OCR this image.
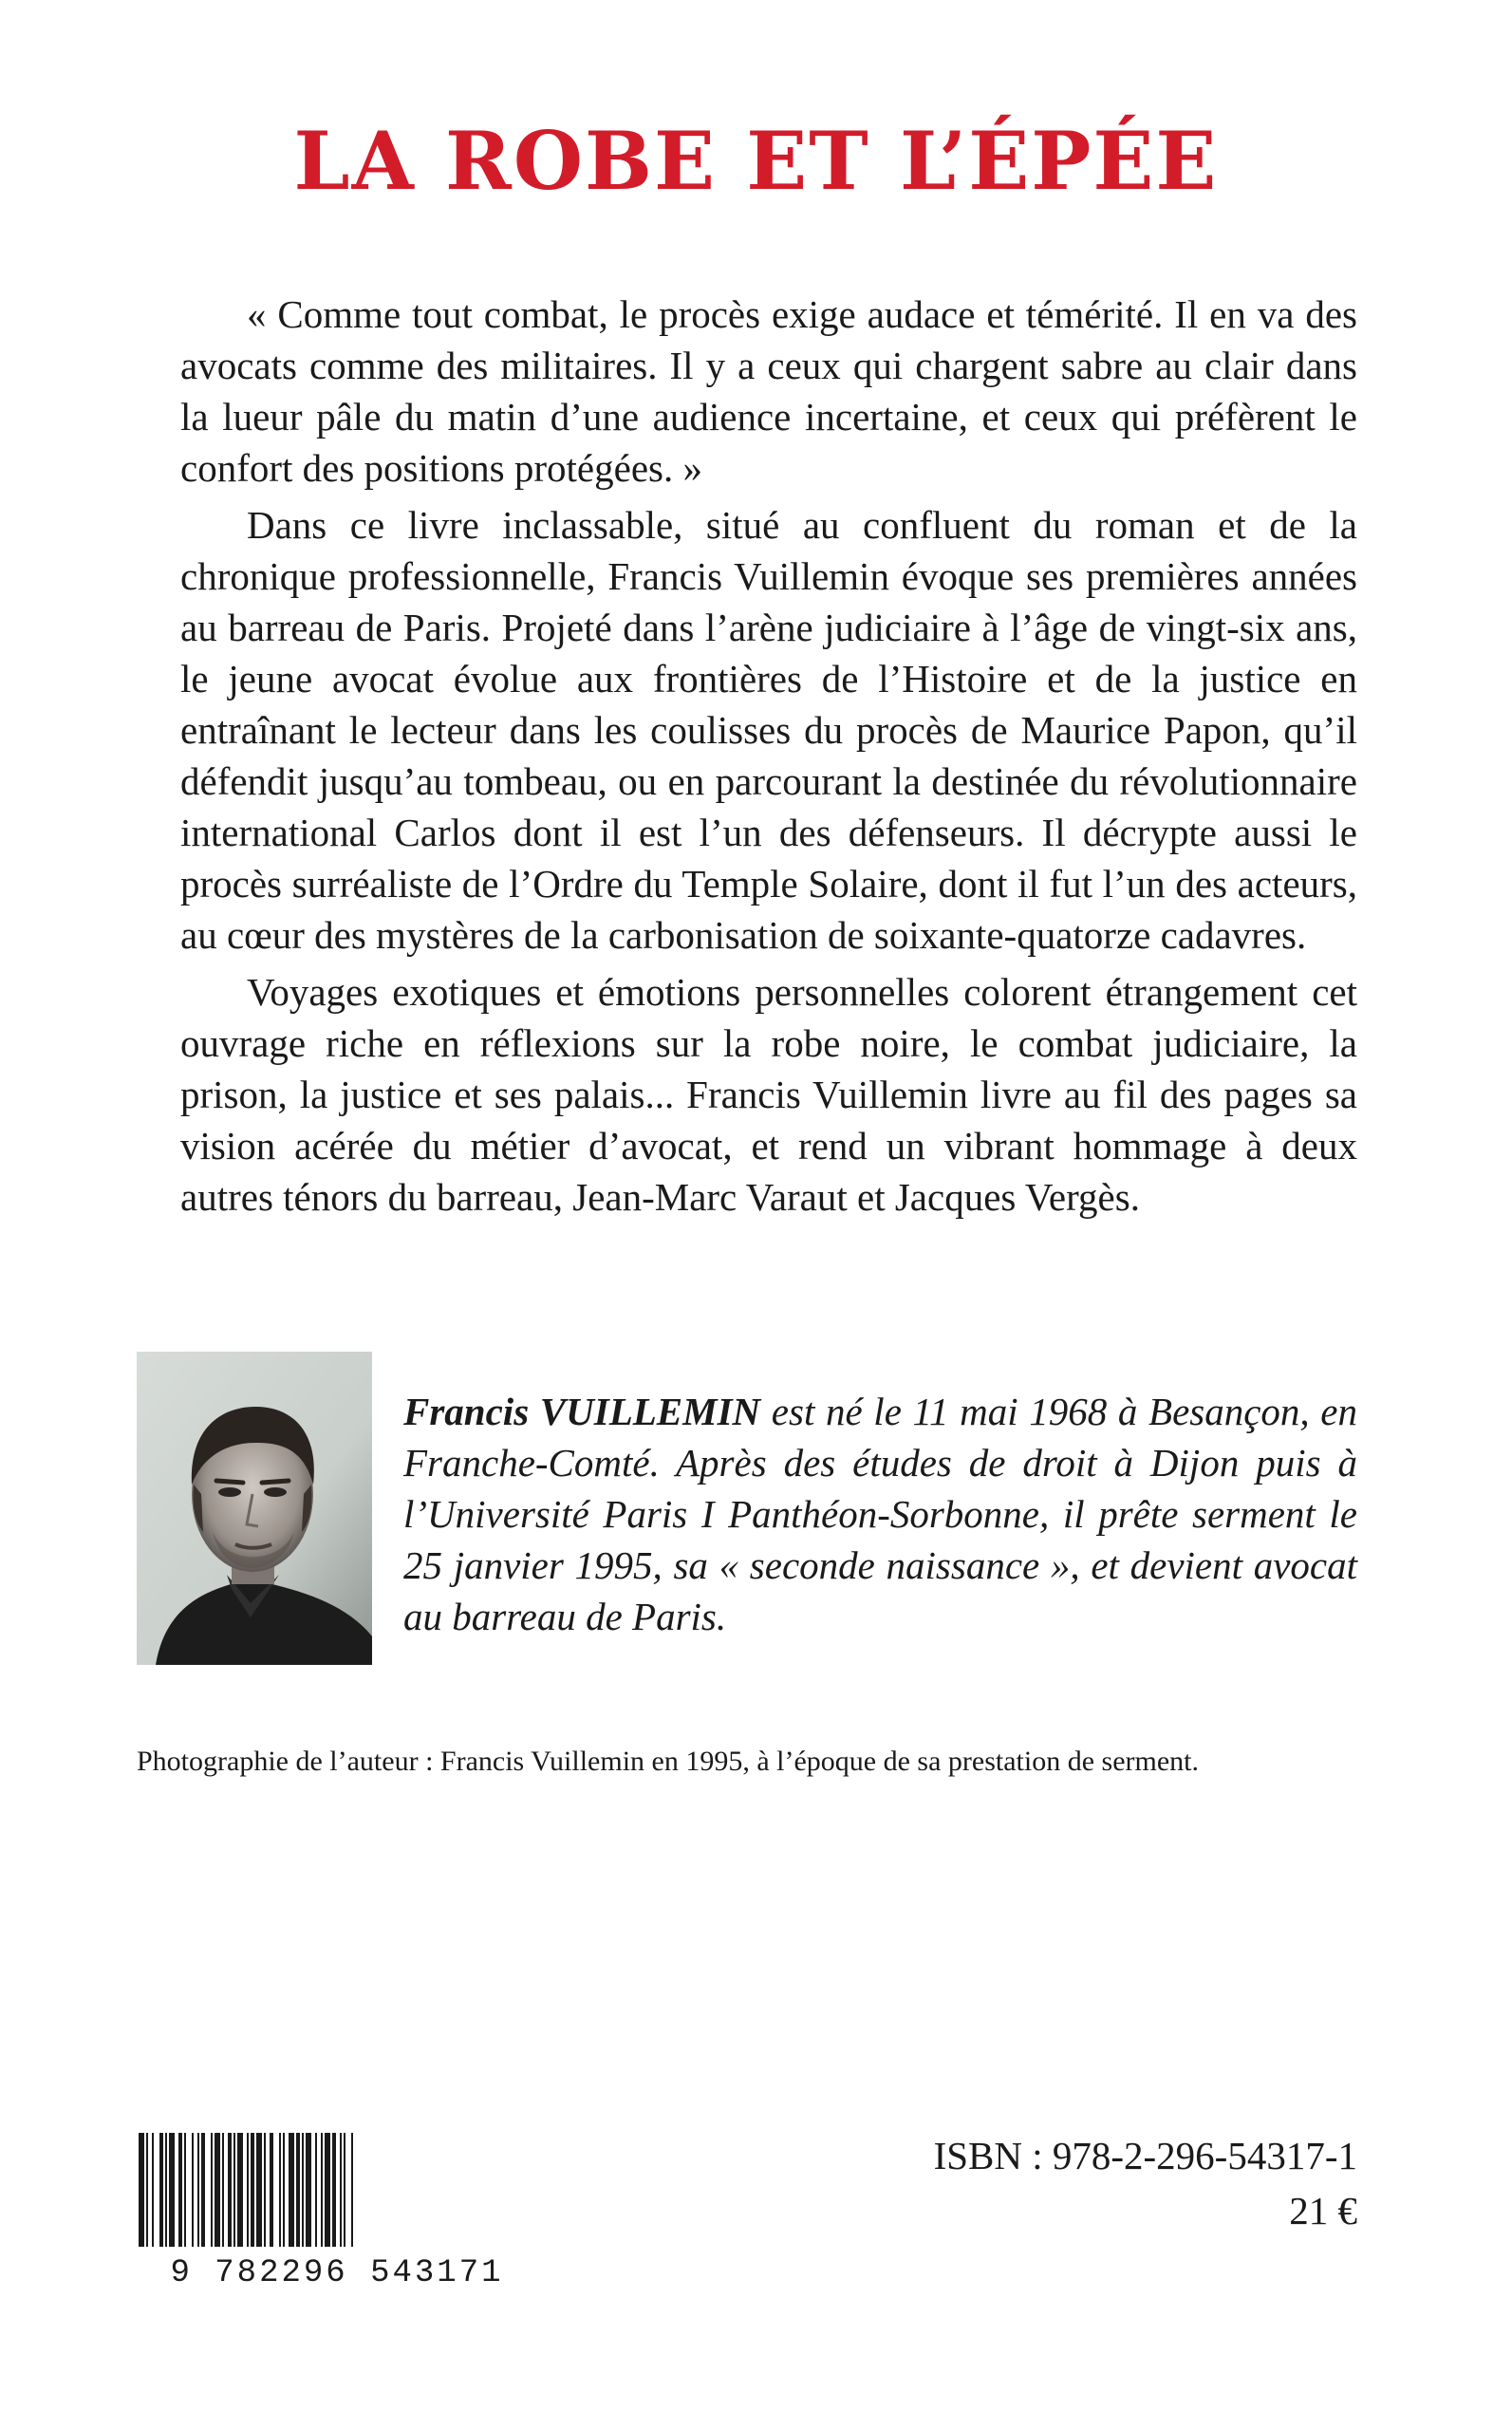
LA ROBE ET L’ÉPÉE

« Comme tout combat, le procès exige audace et témérité. Il en va des avocats comme des militaires. Il y a ceux qui chargent sabre au clair dans la lueur pâle du matin d’une audience incertaine, et ceux qui préfèrent le confort des positions protégées. »

Dans ce livre inclassable, situé au confluent du roman et de la chronique professionnelle, Francis Vuillemin évoque ses premières années au barreau de Paris. Projeté dans l’arène judiciaire à l’âge de vingt-six ans, le jeune avocat évolue aux frontières de l’Histoire et de la justice en entraînant le lecteur dans les coulisses du procès de Maurice Papon, qu’il défendit jusqu’au tombeau, ou en parcourant la destinée du révolutionnaire international Carlos dont il est l’un des défenseurs. Il décrypte aussi le procès surréaliste de l’Ordre du Temple Solaire, dont il fut l’un des acteurs, au cœur des mystères de la carbonisation de soixante-quatorze cadavres.

Voyages exotiques et émotions personnelles colorent étrangement cet ouvrage riche en réflexions sur la robe noire, le combat judiciaire, la prison, la justice et ses palais... Francis Vuillemin livre au fil des pages sa vision acérée du métier d’avocat, et rend un vibrant hommage à deux autres ténors du barreau, Jean-Marc Varaut et Jacques Vergès.

Francis VUILLEMIN est né le 11 mai 1968 à Besançon, en Franche-Comté. Après des études de droit à Dijon puis à l’Université Paris I Panthéon-Sorbonne, il prête serment le 25 janvier 1995, sa « seconde naissance », et devient avocat au barreau de Paris.

Photographie de l’auteur : Francis Vuillemin en 1995, à l’époque de sa prestation de serment.

9 782296 543171

ISBN : 978-2-296-54317-1

21 €
